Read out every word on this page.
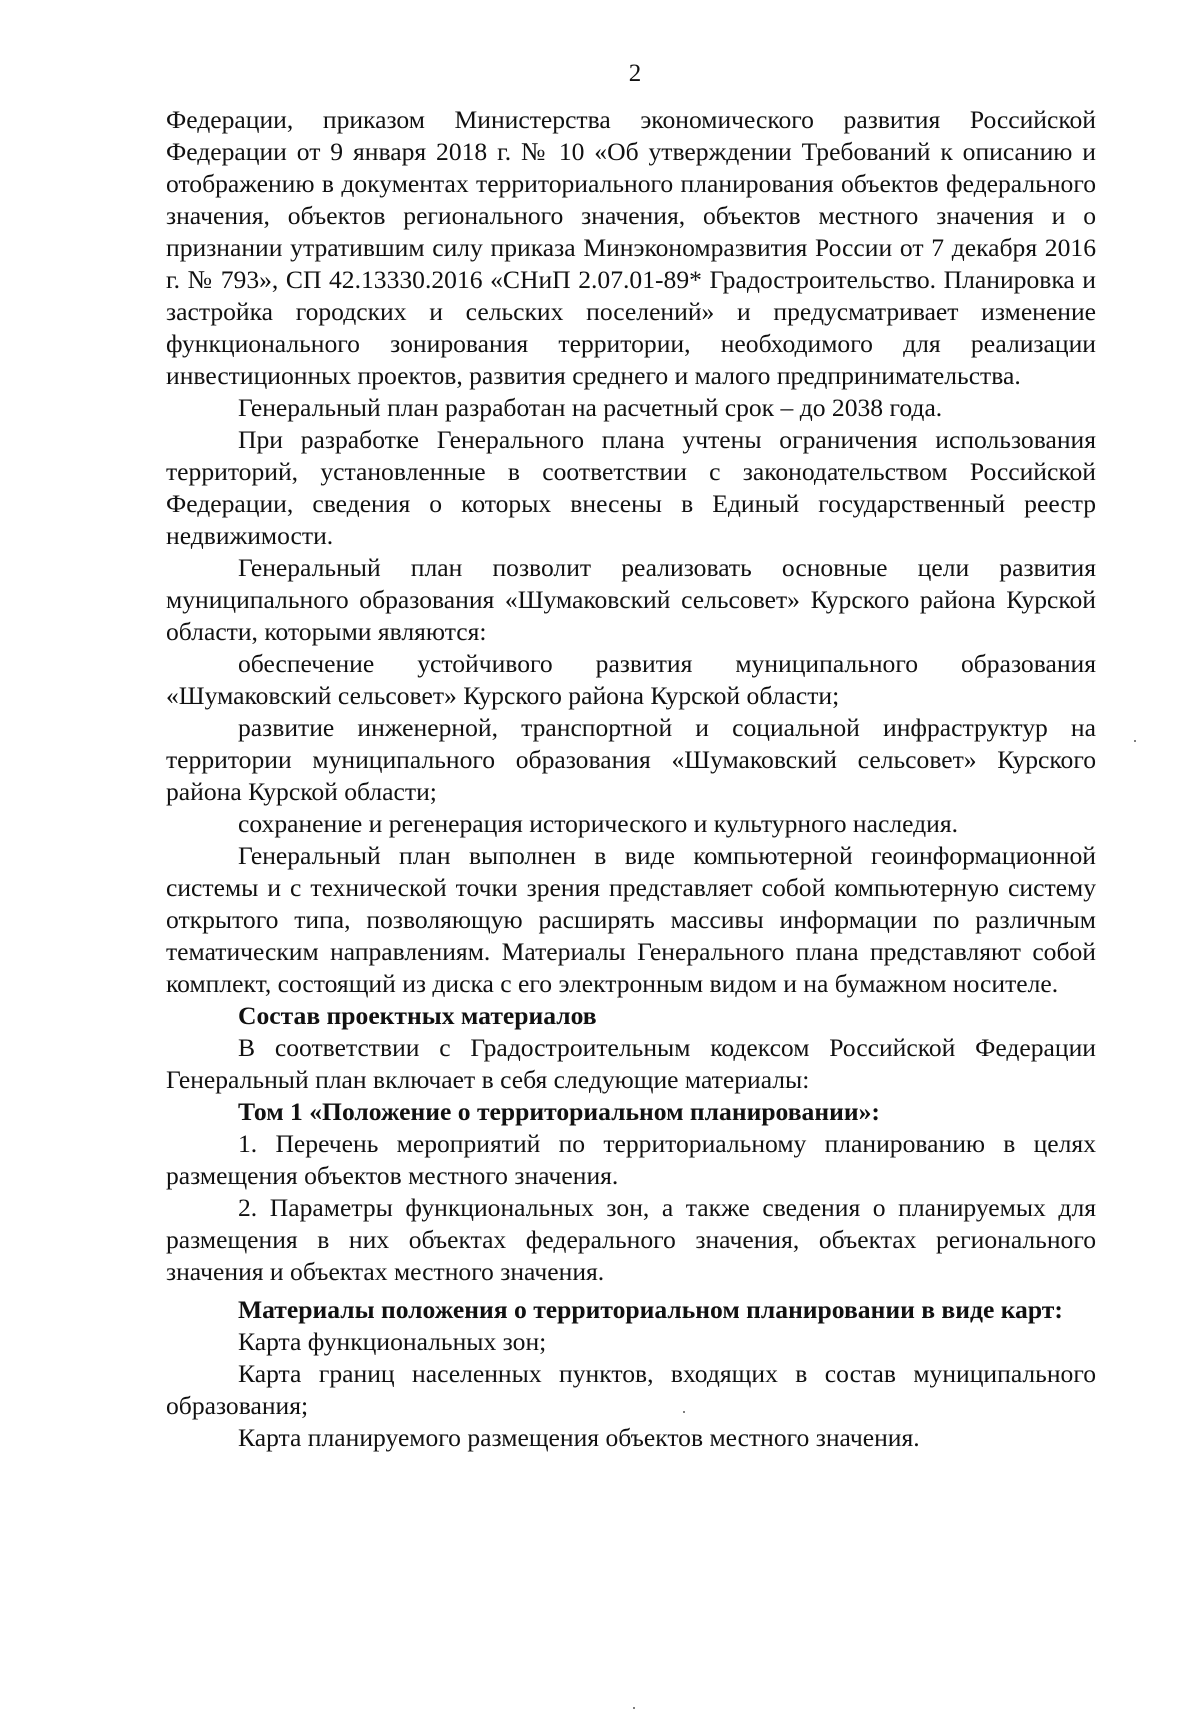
2

Федерации, приказом Министерства экономического развития Российской Федерации от 9 января 2018 г. № 10 «Об утверждении Требований к описанию и отображению в документах территориального планирования объектов федерального значения, объектов регионального значения, объектов местного значения и о признании утратившим силу приказа Минэкономразвития России от 7 декабря 2016 г. № 793», СП 42.13330.2016 «СНиП 2.07.01-89* Градостроительство. Планировка и застройка городских и сельских поселений» и предусматривает изменение функционального зонирования территории, необходимого для реализации инвестиционных проектов, развития среднего и малого предпринимательства.

Генеральный план разработан на расчетный срок – до 2038 года.

При разработке Генерального плана учтены ограничения использования территорий, установленные в соответствии с законодательством Российской Федерации, сведения о которых внесены в Единый государственный реестр недвижимости.

Генеральный план позволит реализовать основные цели развития муниципального образования «Шумаковский сельсовет» Курского района Курской области, которыми являются:

обеспечение устойчивого развития муниципального образования «Шумаковский сельсовет» Курского района Курской области;

развитие инженерной, транспортной и социальной инфраструктур на территории муниципального образования «Шумаковский сельсовет» Курского района Курской области;

сохранение и регенерация исторического и культурного наследия.

Генеральный план выполнен в виде компьютерной геоинформационной системы и с технической точки зрения представляет собой компьютерную систему открытого типа, позволяющую расширять массивы информации по различным тематическим направлениям. Материалы Генерального плана представляют собой комплект, состоящий из диска с его электронным видом и на бумажном носителе.

Состав проектных материалов

В соответствии с Градостроительным кодексом Российской Федерации Генеральный план включает в себя следующие материалы:

Том 1 «Положение о территориальном планировании»:

1. Перечень мероприятий по территориальному планированию в целях размещения объектов местного значения.

2. Параметры функциональных зон, а также сведения о планируемых для размещения в них объектах федерального значения, объектах регионального значения и объектах местного значения.

Материалы положения о территориальном планировании в виде карт:

Карта функциональных зон;

Карта границ населенных пунктов, входящих в состав муниципального образования;

Карта планируемого размещения объектов местного значения.
